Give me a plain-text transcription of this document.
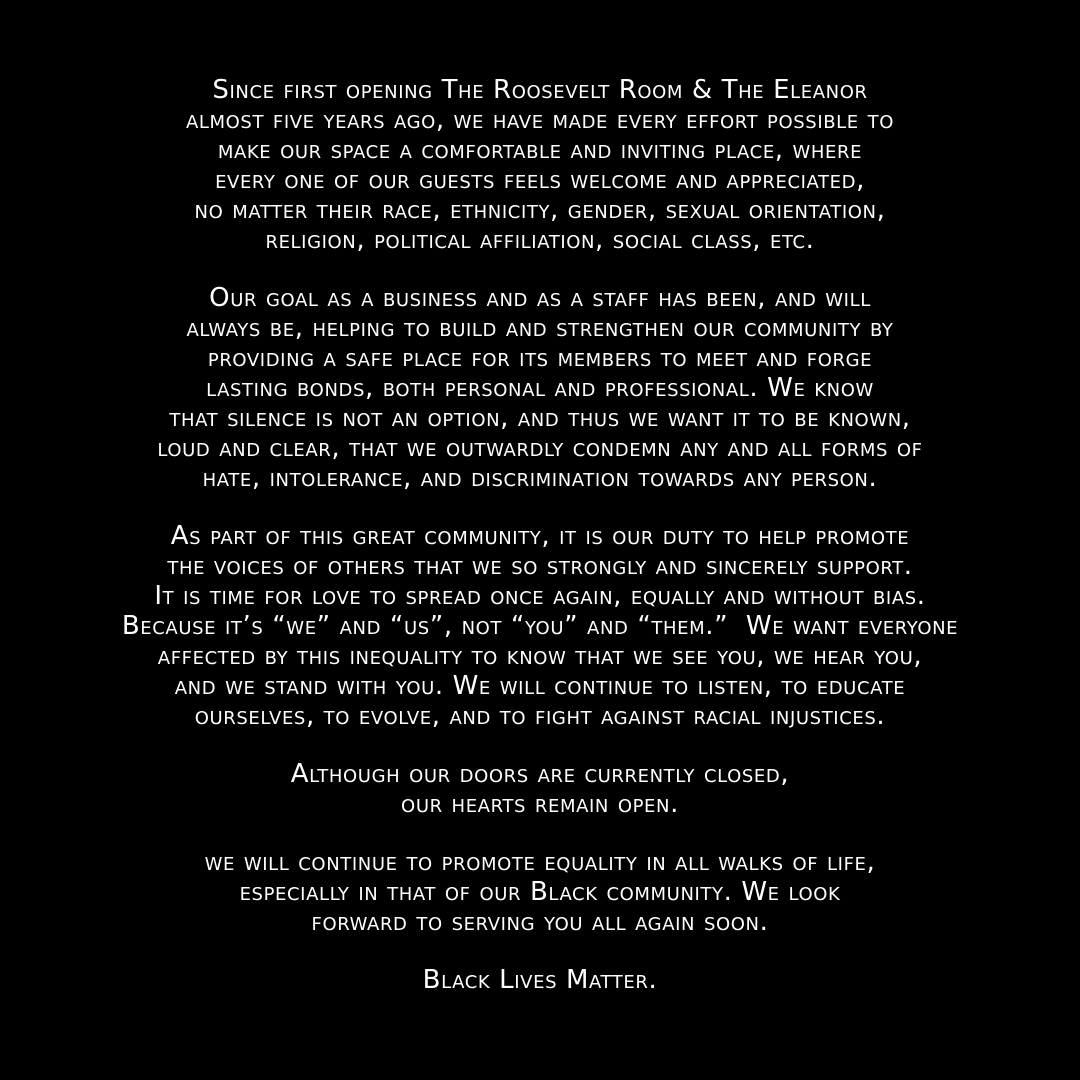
Since first opening The Roosevelt Room & The Eleanor
almost five years ago, we have made every effort possible to
make our space a comfortable and inviting place, where
every one of our guests feels welcome and appreciated,
no matter their race, ethnicity, gender, sexual orientation,
religion, political affiliation, social class, etc.
Our goal as a business and as a staff has been, and will
always be, helping to build and strengthen our community by
providing a safe place for its members to meet and forge
lasting bonds, both personal and professional. We know
that silence is not an option, and thus we want it to be known,
loud and clear, that we outwardly condemn any and all forms of
hate, intolerance, and discrimination towards any person.
As part of this great community, it is our duty to help promote
the voices of others that we so strongly and sincerely support.
It is time for love to spread once again, equally and without bias.
Because it’s “we” and “us”, not “you” and “them.”  We want everyone
affected by this inequality to know that we see you, we hear you,
and we stand with you. We will continue to listen, to educate
ourselves, to evolve, and to fight against racial injustices.
Although our doors are currently closed,
our hearts remain open.
we will continue to promote equality in all walks of life,
especially in that of our Black community. We look
forward to serving you all again soon.
Black Lives Matter.
